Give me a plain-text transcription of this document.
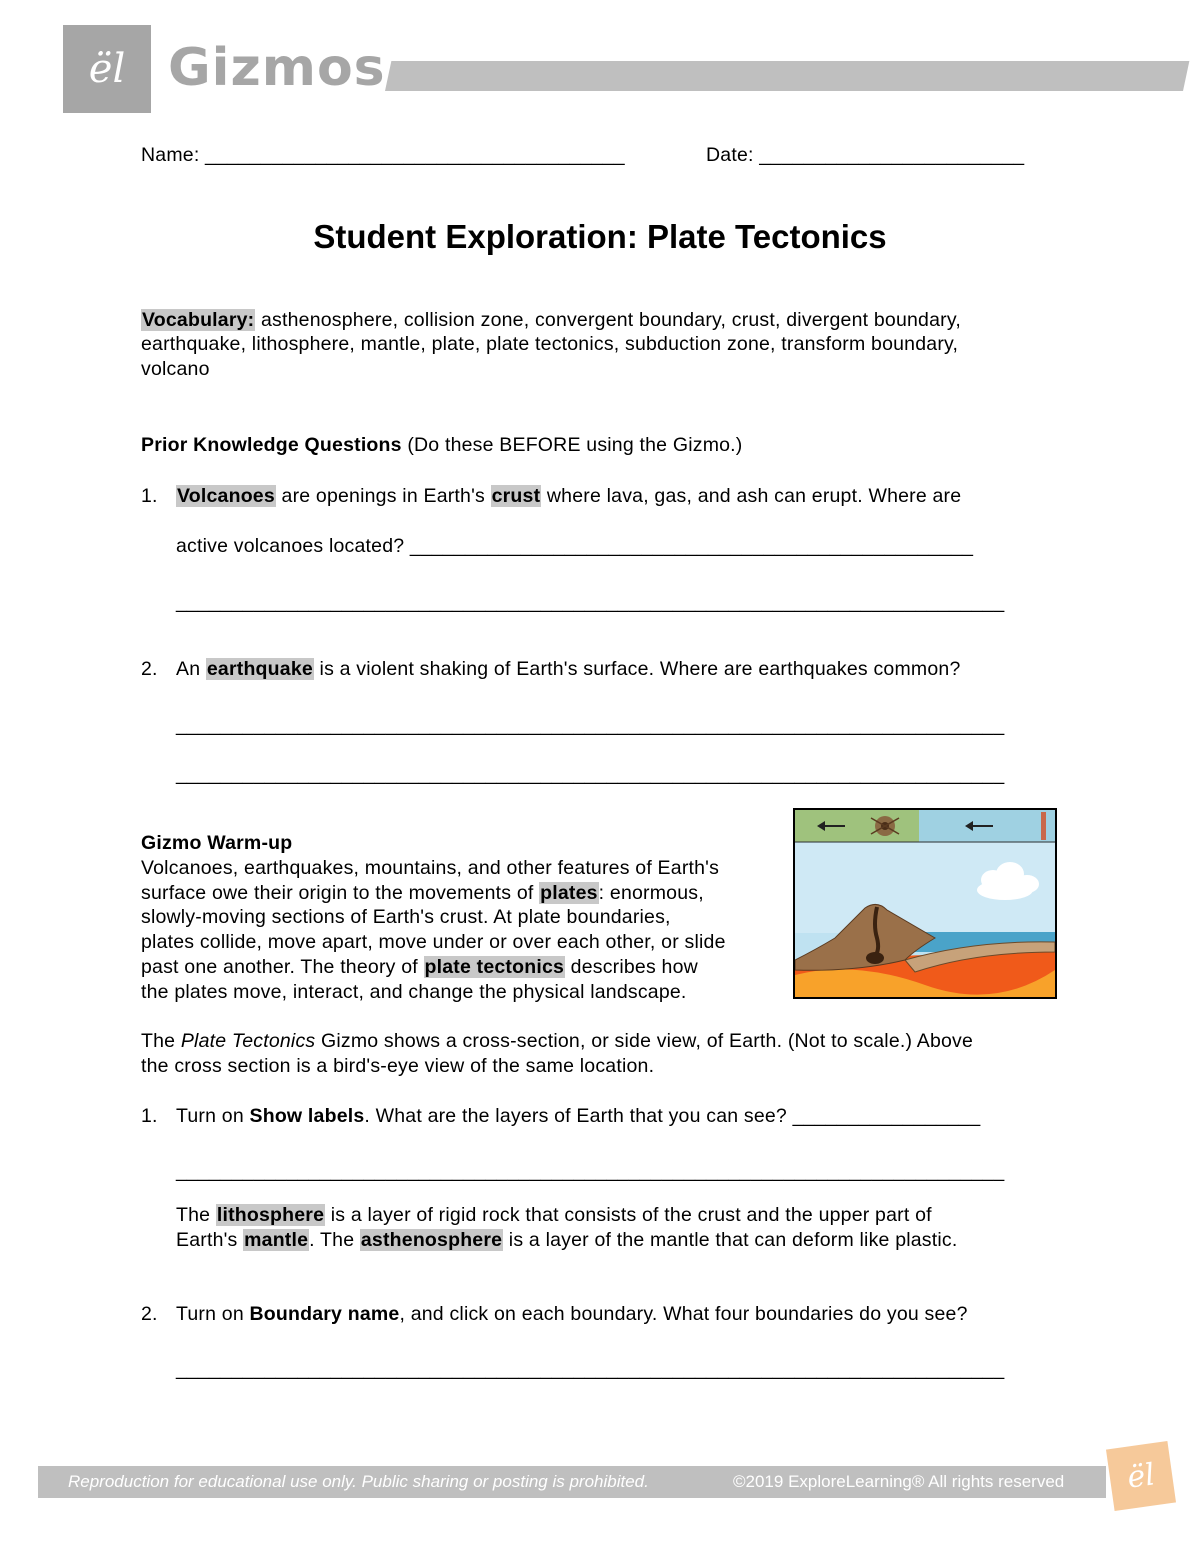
ël Gizmos
Name: ______________________________________	Date: ________________________
Student Exploration: Plate Tectonics
Vocabulary: asthenosphere, collision zone, convergent boundary, crust, divergent boundary,
earthquake, lithosphere, mantle, plate, plate tectonics, subduction zone, transform boundary,
volcano
Prior Knowledge Questions (Do these BEFORE using the Gizmo.)
1. Volcanoes are openings in Earth's crust where lava, gas, and ash can erupt. Where are
active volcanoes located? ___________________________________________________
___________________________________________________________________________
2. An earthquake is a violent shaking of Earth's surface. Where are earthquakes common?
___________________________________________________________________________
___________________________________________________________________________
Gizmo Warm-up
Volcanoes, earthquakes, mountains, and other features of Earth's
surface owe their origin to the movements of plates: enormous,
slowly-moving sections of Earth's crust. At plate boundaries,
plates collide, move apart, move under or over each other, or slide
past one another. The theory of plate tectonics describes how
the plates move, interact, and change the physical landscape.
The Plate Tectonics Gizmo shows a cross-section, or side view, of Earth. (Not to scale.) Above
the cross section is a bird's-eye view of the same location.
1. Turn on Show labels. What are the layers of Earth that you can see? _________________
___________________________________________________________________________
The lithosphere is a layer of rigid rock that consists of the crust and the upper part of
Earth's mantle. The asthenosphere is a layer of the mantle that can deform like plastic.
2. Turn on Boundary name, and click on each boundary. What four boundaries do you see?
___________________________________________________________________________
Reproduction for educational use only. Public sharing or posting is prohibited.	©2019 ExploreLearning® All rights reserved ël
